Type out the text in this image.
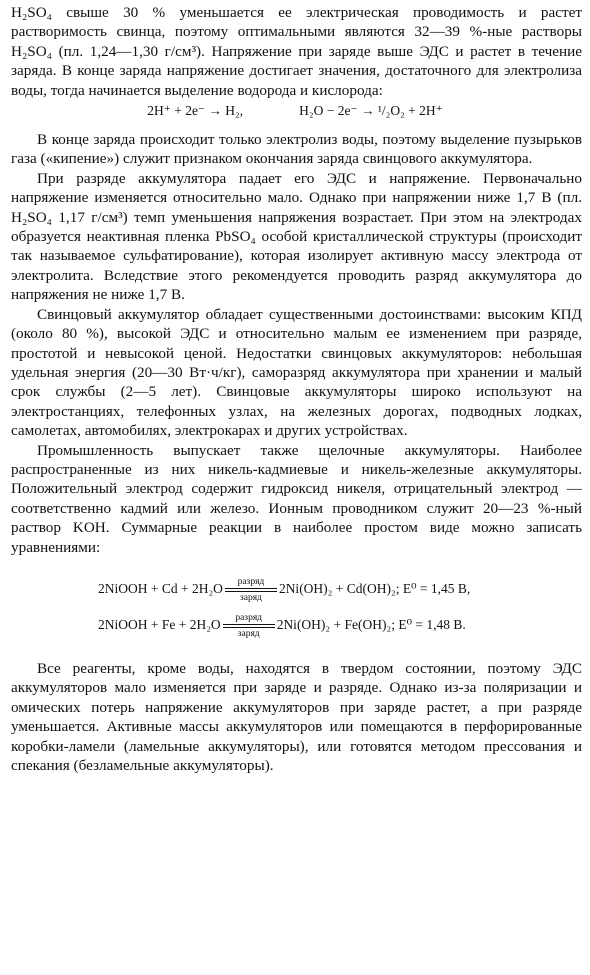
H₂SO₄ свыше 30 % уменьшается ее электрическая проводимость и растет растворимость свинца, поэтому оптимальными являются 32—39 %-ные растворы H₂SO₄ (пл. 1,24—1,30 г/см³). Напряжение при заряде выше ЭДС и растет в течение заряда. В конце заряда напряжение достигает значения, достаточного для электролиза воды, тогда начинается выделение водорода и кислорода:

2H⁺ + 2e⁻ → H₂,	H₂O − 2e⁻ → ¹/₂O₂ + 2H⁺

В конце заряда происходит только электролиз воды, поэтому выделение пузырьков газа («кипение») служит признаком окончания заряда свинцового аккумулятора.

При разряде аккумулятора падает его ЭДС и напряжение. Первоначально напряжение изменяется относительно мало. Однако при напряжении ниже 1,7 В (пл. H₂SO₄ 1,17 г/см³) темп уменьшения напряжения возрастает. При этом на электродах образуется неактивная пленка PbSO₄ особой кристаллической структуры (происходит так называемое сульфатирование), которая изолирует активную массу электрода от электролита. Вследствие этого рекомендуется проводить разряд аккумулятора до напряжения не ниже 1,7 В.

Свинцовый аккумулятор обладает существенными достоинствами: высоким КПД (около 80 %), высокой ЭДС и относительно малым ее изменением при разряде, простотой и невысокой ценой. Недостатки свинцовых аккумуляторов: небольшая удельная энергия (20—30 Вт·ч/кг), саморазряд аккумулятора при хранении и малый срок службы (2—5 лет). Свинцовые аккумуляторы широко используют на электростанциях, телефонных узлах, на железных дорогах, подводных лодках, самолетах, автомобилях, электрокарах и других устройствах.

Промышленность выпускает также щелочные аккумуляторы. Наиболее распространенные из них никель-кадмиевые и никель-железные аккумуляторы. Положительный электрод содержит гидроксид никеля, отрицательный электрод — соответственно кадмий или железо. Ионным проводником служит 20—23 %-ный раствор KOH. Суммарные реакции в наиболее простом виде можно записать уравнениями:

2NiOOH + Cd + 2H₂O	разряд
заряд
2Ni(OH)₂ + Cd(OH)₂; E⁰ = 1,45 В,
2NiOOH + Fe + 2H₂O	разряд
заряд
2Ni(OH)₂ + Fe(OH)₂; E⁰ = 1,48 В.

Все реагенты, кроме воды, находятся в твердом состоянии, поэтому ЭДС аккумуляторов мало изменяется при заряде и разряде. Однако из-за поляризации и омических потерь напряжение аккумуляторов при заряде растет, а при разряде уменьшается. Активные массы аккумуляторов или помещаются в перфорированные коробки-ламели (ламельные аккумуляторы), или готовятся методом прессования и спекания (безламельные аккумуляторы).
